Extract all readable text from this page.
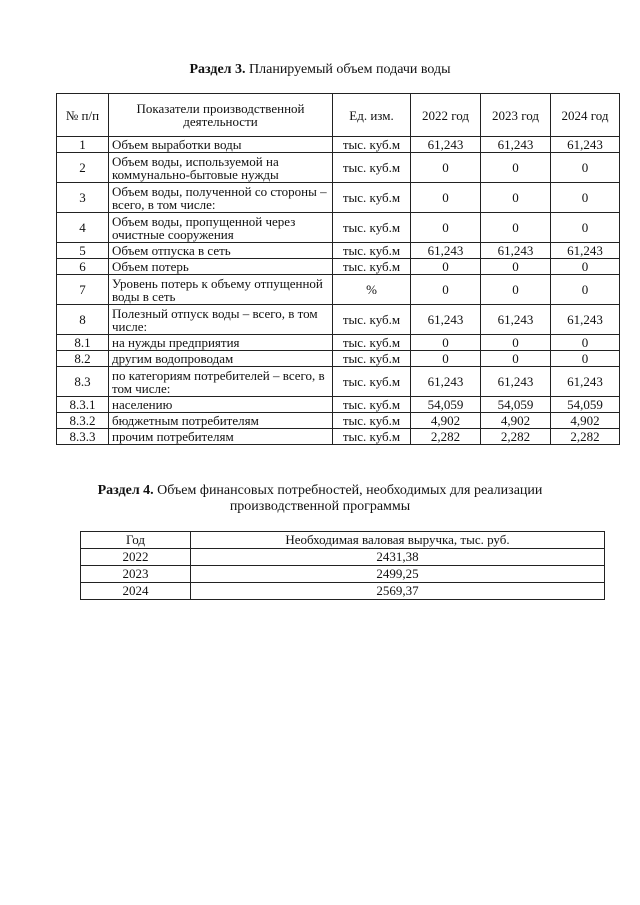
Раздел 3. Планируемый объем подачи воды
№ п/п	Показатели производственной деятельности	Ед. изм.	2022 год	2023 год	2024 год
1	Объем выработки воды	тыс. куб.м	61,243	61,243	61,243
2	Объем воды, используемой на коммунально-бытовые нужды	тыс. куб.м	0	0	0
3	Объем воды, полученной со стороны – всего, в том числе:	тыс. куб.м	0	0	0
4	Объем воды, пропущенной через очистные сооружения	тыс. куб.м	0	0	0
5	Объем отпуска в сеть	тыс. куб.м	61,243	61,243	61,243
6	Объем потерь	тыс. куб.м	0	0	0
7	Уровень потерь к объему отпущенной воды в сеть	%	0	0	0
8	Полезный отпуск воды – всего, в том числе:	тыс. куб.м	61,243	61,243	61,243
8.1	на нужды предприятия	тыс. куб.м	0	0	0
8.2	другим водопроводам	тыс. куб.м	0	0	0
8.3	по категориям потребителей – всего, в том числе:	тыс. куб.м	61,243	61,243	61,243
8.3.1	населению	тыс. куб.м	54,059	54,059	54,059
8.3.2	бюджетным потребителям	тыс. куб.м	4,902	4,902	4,902
8.3.3	прочим потребителям	тыс. куб.м	2,282	2,282	2,282
Раздел 4. Объем финансовых потребностей, необходимых для реализации
производственной программы
Год	Необходимая валовая выручка, тыс. руб.
2022	2431,38
2023	2499,25
2024	2569,37
